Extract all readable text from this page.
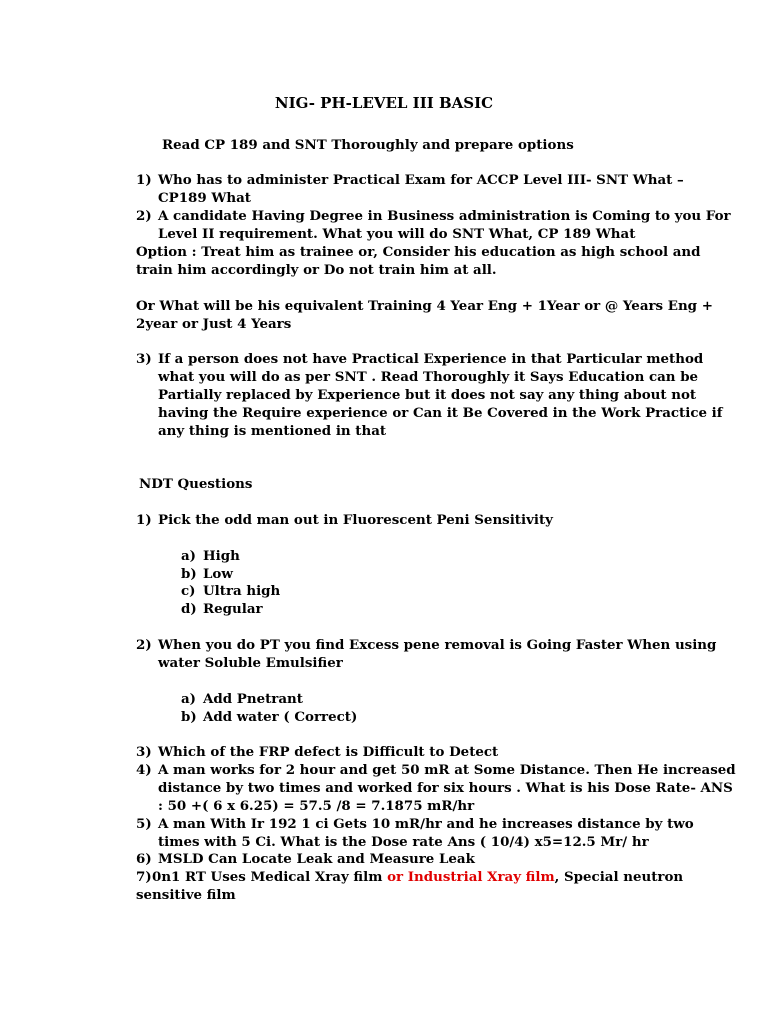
NIG- PH-LEVEL III BASIC
Read CP 189 and SNT Thoroughly and prepare options
1) Who has to administer Practical Exam for ACCP Level III- SNT What –
CP189 What
2) A candidate Having Degree in Business administration is Coming to you For
Level II requirement. What you will do SNT What, CP 189 What
Option : Treat him as trainee or, Consider his education as high school and
train him accordingly or Do not train him at all.
Or What will be his equivalent Training 4 Year Eng + 1Year or @ Years Eng +
2year or Just 4 Years
3) If a person does not have Practical Experience in that Particular method
what you will do as per SNT . Read Thoroughly it Says Education can be
Partially replaced by Experience but it does not say any thing about not
having the Require experience or Can it Be Covered in the Work Practice if
any thing is mentioned in that
NDT Questions
1) Pick the odd man out in Fluorescent Peni Sensitivity
a) High
b) Low
c) Ultra high
d) Regular
2) When you do PT you find Excess pene removal is Going Faster When using
water Soluble Emulsifier
a) Add Pnetrant
b) Add water ( Correct)
3) Which of the FRP defect is Difficult to Detect
4) A man works for 2 hour and get 50 mR at Some Distance. Then He increased
distance by two times and worked for six hours . What is his Dose Rate- ANS
: 50 +( 6 x 6.25) = 57.5 /8 = 7.1875 mR/hr
5) A man With Ir 192 1 ci Gets 10 mR/hr and he increases distance by two
times with 5 Ci. What is the Dose rate Ans ( 10/4) x5=12.5 Mr/ hr
6) MSLD Can Locate Leak and Measure Leak
7) 0n1 RT Uses Medical Xray film or Industrial Xray film, Special neutron
sensitive film
